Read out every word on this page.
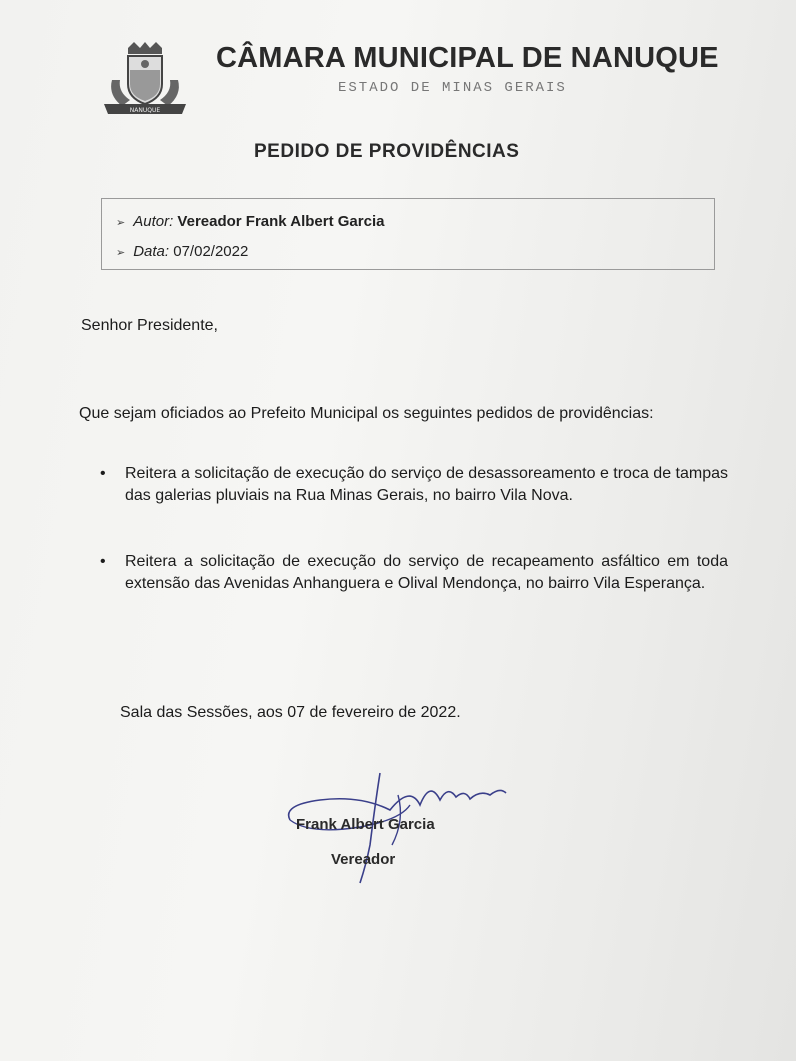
NANUQUE
CÂMARA MUNICIPAL DE NANUQUE
ESTADO DE MINAS GERAIS
PEDIDO DE PROVIDÊNCIAS
➢ Autor: Vereador Frank Albert Garcia
➢ Data: 07/02/2022
Senhor Presidente,
Que sejam oficiados ao Prefeito Municipal os seguintes pedidos de providências:
• Reitera a solicitação de execução do serviço de desassoreamento e troca de tampas das galerias pluviais na Rua Minas Gerais, no bairro Vila Nova.
• Reitera a solicitação de execução do serviço de recapeamento asfáltico em toda extensão das Avenidas Anhanguera e Olival Mendonça, no bairro Vila Esperança.
Sala das Sessões, aos 07 de fevereiro de 2022.
Frank Albert Garcia
Vereador
